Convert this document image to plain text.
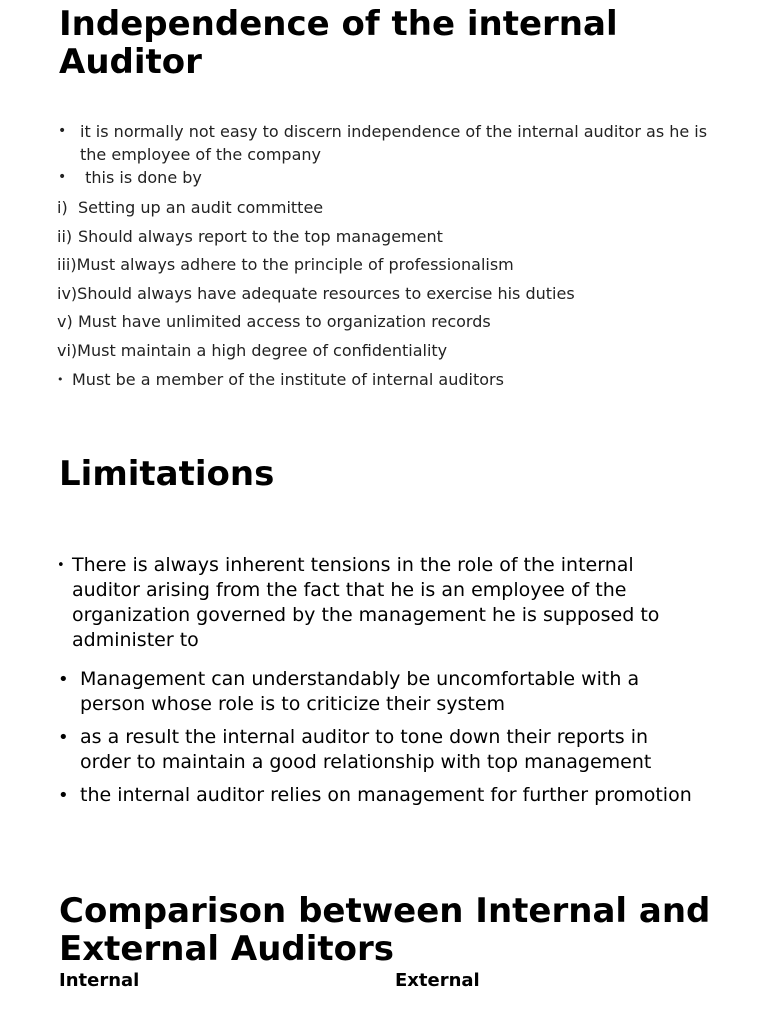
Independence of the internal Auditor
• it is normally not easy to discern independence of the internal auditor as he is the employee of the company
• this is done by
i) Setting up an audit committee
ii) Should always report to the top management
iii) Must always adhere to the principle of professionalism
iv) Should always have adequate resources to exercise his duties
v) Must have unlimited access to organization records
vi) Must maintain a high degree of confidentiality
• Must be a member of the institute of internal auditors
Limitations
• There is always inherent tensions in the role of the internal auditor arising from the fact that he is an employee of the organization governed by the management he is supposed to administer to
• Management can understandably be uncomfortable with a person whose role is to criticize their system
• as a result the internal auditor to tone down their reports in order to maintain a good relationship with top management
• the internal auditor relies on management for further promotion
Comparison between Internal and External Auditors
Internal	External
